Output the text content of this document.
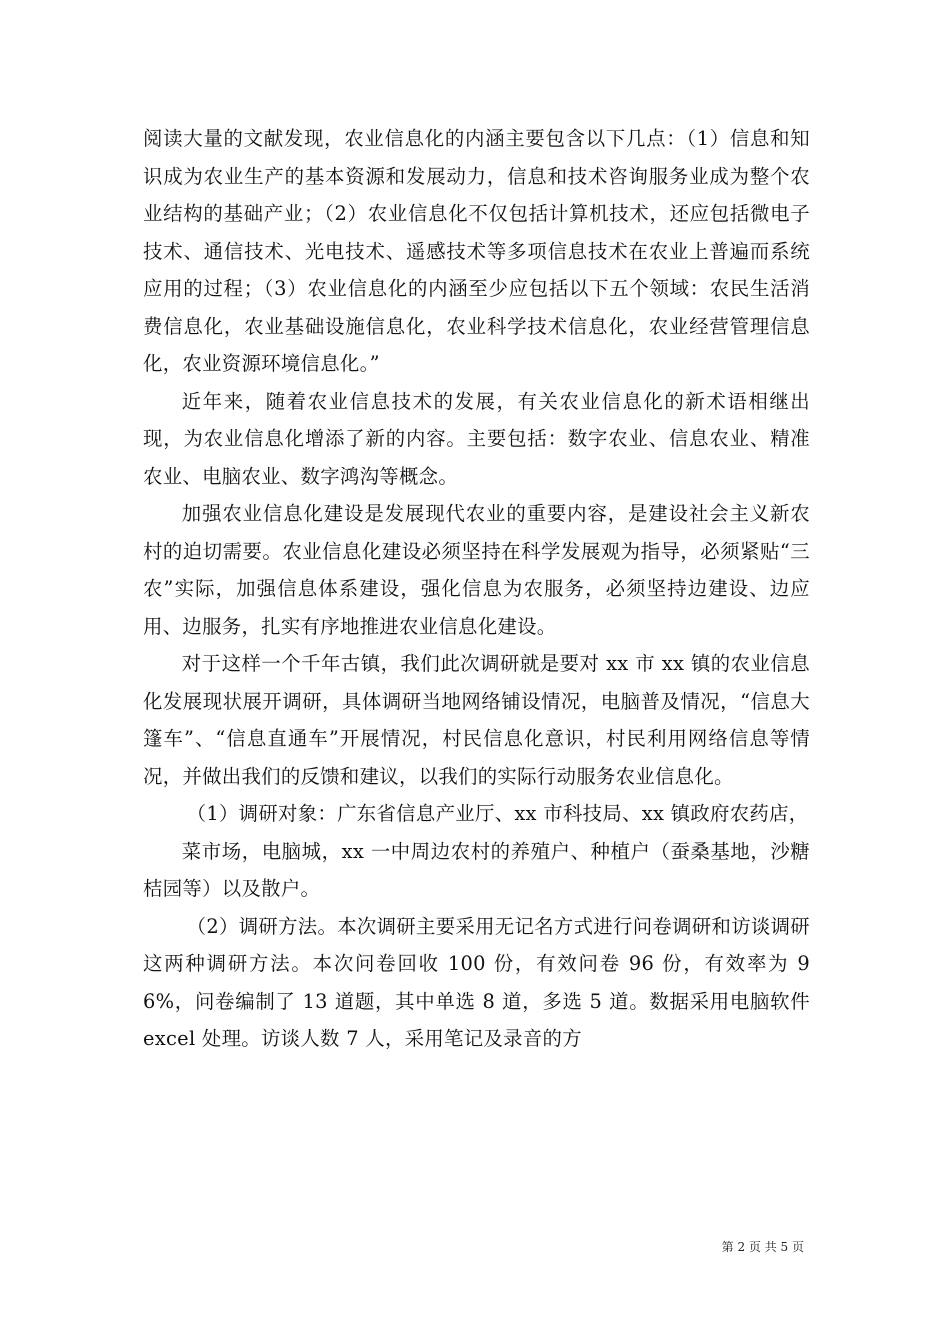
阅读大量的文献发现，农业信息化的内涵主要包含以下几点：（1）信息和知识成为农业生产的基本资源和发展动力，信息和技术咨询服务业成为整个农业结构的基础产业；（2）农业信息化不仅包括计算机技术，还应包括微电子技术、通信技术、光电技术、遥感技术等多项信息技术在农业上普遍而系统应用的过程；（3）农业信息化的内涵至少应包括以下五个领域：农民生活消费信息化，农业基础设施信息化，农业科学技术信息化，农业经营管理信息化，农业资源环境信息化。”

近年来，随着农业信息技术的发展，有关农业信息化的新术语相继出现，为农业信息化增添了新的内容。主要包括：数字农业、信息农业、精准农业、电脑农业、数字鸿沟等概念。

加强农业信息化建设是发展现代农业的重要内容，是建设社会主义新农村的迫切需要。农业信息化建设必须坚持在科学发展观为指导，必须紧贴“三农”实际，加强信息体系建设，强化信息为农服务，必须坚持边建设、边应用、边服务，扎实有序地推进农业信息化建设。

对于这样一个千年古镇，我们此次调研就是要对 xx 市 xx 镇的农业信息化发展现状展开调研，具体调研当地网络铺设情况，电脑普及情况，“信息大篷车”、“信息直通车”开展情况，村民信息化意识，村民利用网络信息等情况，并做出我们的反馈和建议，以我们的实际行动服务农业信息化。

（1）调研对象：广东省信息产业厅、xx 市科技局、xx 镇政府农药店，

菜市场，电脑城，xx 一中周边农村的养殖户、种植户（蚕桑基地，沙糖桔园等）以及散户。

（2）调研方法。本次调研主要采用无记名方式进行问卷调研和访谈调研这两种调研方法。本次问卷回收 100 份，有效问卷 96 份，有效率为 96%，问卷编制了 13 道题，其中单选 8 道，多选 5 道。数据采用电脑软件 excel 处理。访谈人数 7 人，采用笔记及录音的方

第 2 页 共 5 页
